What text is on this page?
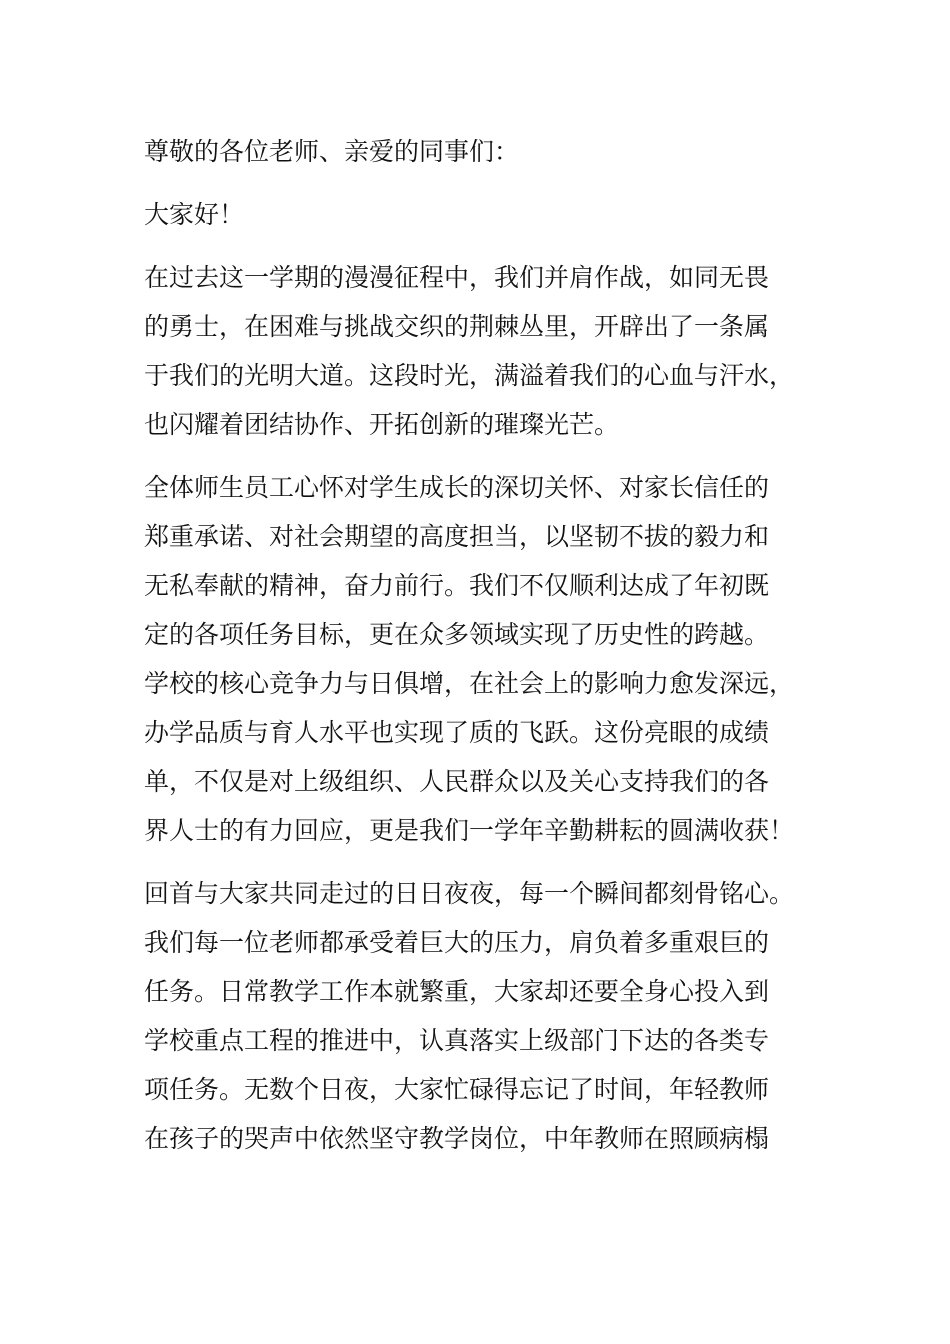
尊敬的各位老师、亲爱的同事们：
大家好！
在过去这一学期的漫漫征程中，我们并肩作战，如同无畏
的勇士，在困难与挑战交织的荆棘丛里，开辟出了一条属
于我们的光明大道。这段时光，满溢着我们的心血与汗水，
也闪耀着团结协作、开拓创新的璀璨光芒。
全体师生员工心怀对学生成长的深切关怀、对家长信任的
郑重承诺、对社会期望的高度担当，以坚韧不拔的毅力和
无私奉献的精神，奋力前行。我们不仅顺利达成了年初既
定的各项任务目标，更在众多领域实现了历史性的跨越。
学校的核心竞争力与日俱增，在社会上的影响力愈发深远，
办学品质与育人水平也实现了质的飞跃。这份亮眼的成绩
单，不仅是对上级组织、人民群众以及关心支持我们的各
界人士的有力回应，更是我们一学年辛勤耕耘的圆满收获！
回首与大家共同走过的日日夜夜，每一个瞬间都刻骨铭心。
我们每一位老师都承受着巨大的压力，肩负着多重艰巨的
任务。日常教学工作本就繁重，大家却还要全身心投入到
学校重点工程的推进中，认真落实上级部门下达的各类专
项任务。无数个日夜，大家忙碌得忘记了时间，年轻教师
在孩子的哭声中依然坚守教学岗位，中年教师在照顾病榻
